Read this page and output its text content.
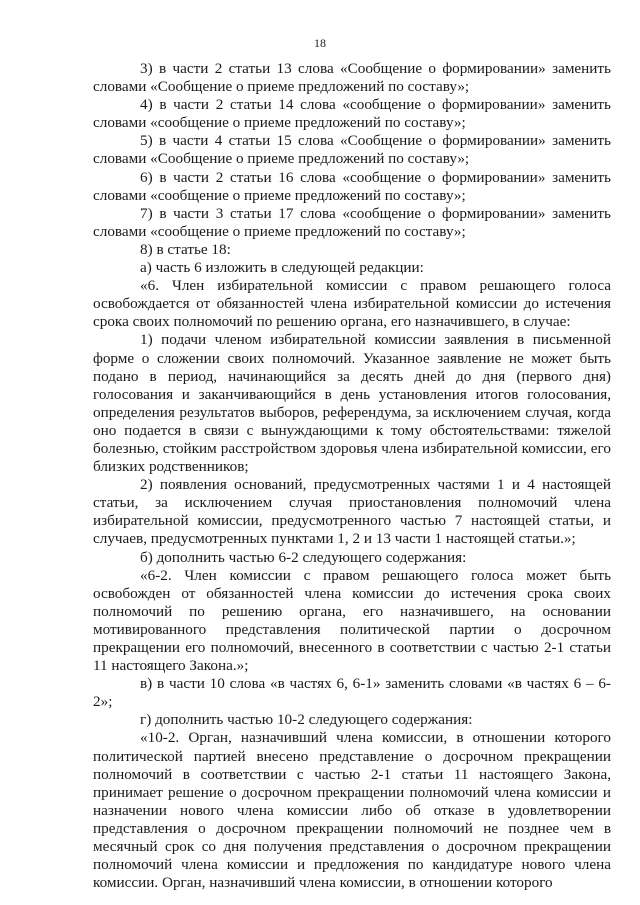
18

3) в части 2 статьи 13 слова «Сообщение о формировании» заменить словами «Сообщение о приеме предложений по составу»;

4) в части 2 статьи 14 слова «сообщение о формировании» заменить словами «сообщение о приеме предложений по составу»;

5) в части 4 статьи 15 слова «Сообщение о формировании» заменить словами «Сообщение о приеме предложений по составу»;

6) в части 2 статьи 16 слова «сообщение о формировании» заменить словами «сообщение о приеме предложений по составу»;

7) в части 3 статьи 17 слова «сообщение о формировании» заменить словами «сообщение о приеме предложений по составу»;

8) в статье 18:

а) часть 6 изложить в следующей редакции:

«6. Член избирательной комиссии с правом решающего голоса освобождается от обязанностей члена избирательной комиссии до истечения срока своих полномочий по решению органа, его назначившего, в случае:

1) подачи членом избирательной комиссии заявления в письменной форме о сложении своих полномочий. Указанное заявление не может быть подано в период, начинающийся за десять дней до дня (первого дня) голосования и заканчивающийся в день установления итогов голосования, определения результатов выборов, референдума, за исключением случая, когда оно подается в связи с вынуждающими к тому обстоятельствами: тяжелой болезнью, стойким расстройством здоровья члена избирательной комиссии, его близких родственников;

2) появления оснований, предусмотренных частями 1 и 4 настоящей статьи, за исключением случая приостановления полномочий члена избирательной комиссии, предусмотренного частью 7 настоящей статьи, и случаев, предусмотренных пунктами 1, 2 и 13 части 1 настоящей статьи.»;

б) дополнить частью 6-2 следующего содержания:

«6-2. Член комиссии с правом решающего голоса может быть освобожден от обязанностей члена комиссии до истечения срока своих полномочий по решению органа, его назначившего, на основании мотивированного представления политической партии о досрочном прекращении его полномочий, внесенного в соответствии с частью 2-1 статьи 11 настоящего Закона.»;

в) в части 10 слова «в частях 6, 6-1» заменить словами «в частях 6 – 6-2»;

г) дополнить частью 10-2 следующего содержания:

«10-2. Орган, назначивший члена комиссии, в отношении которого политической партией внесено представление о досрочном прекращении полномочий в соответствии с частью 2-1 статьи 11 настоящего Закона, принимает решение о досрочном прекращении полномочий члена комиссии и назначении нового члена комиссии либо об отказе в удовлетворении представления о досрочном прекращении полномочий не позднее чем в месячный срок со дня получения представления о досрочном прекращении полномочий члена комиссии и предложения по кандидатуре нового члена комиссии. Орган, назначивший члена комиссии, в отношении которого
